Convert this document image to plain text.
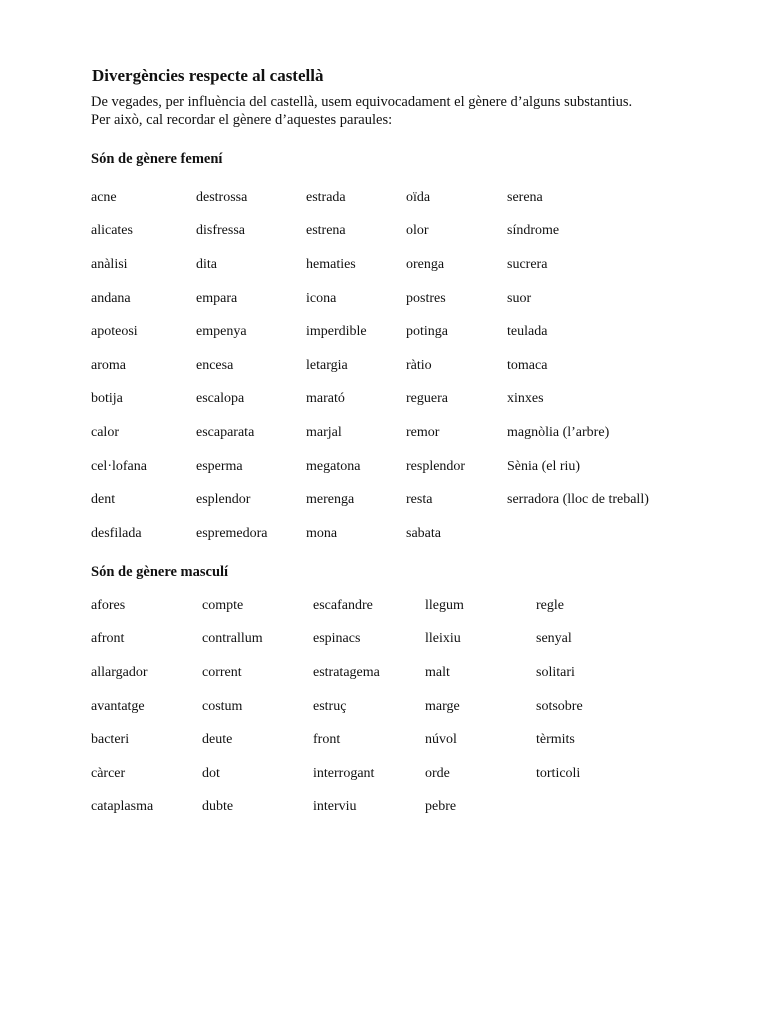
Divergències respecte al castellà

De vegades, per influència del castellà, usem equivocadament el gènere d’alguns substantius.
Per això, cal recordar el gènere d’aquestes paraules:

Són de gènere femení
acne	destrossa	estrada	oïda	serena
alicates	disfressa	estrena	olor	síndrome
anàlisi	dita	hematies	orenga	sucrera
andana	empara	icona	postres	suor
apoteosi	empenya	imperdible	potinga	teulada
aroma	encesa	letargia	ràtio	tomaca
botija	escalopa	marató	reguera	xinxes
calor	escaparata	marjal	remor	magnòlia (l’arbre)
cel·lofana	esperma	megatona	resplendor	Sènia (el riu)
dent	esplendor	merenga	resta	serradora (lloc de treball)
desfilada	espremedora	mona	sabata
Són de gènere masculí
afores	compte	escafandre	llegum	regle
afront	contrallum	espinacs	lleixiu	senyal
allargador	corrent	estratagema	malt	solitari
avantatge	costum	estruç	marge	sotsobre
bacteri	deute	front	núvol	tèrmits
càrcer	dot	interrogant	orde	torticoli
cataplasma	dubte	interviu	pebre
